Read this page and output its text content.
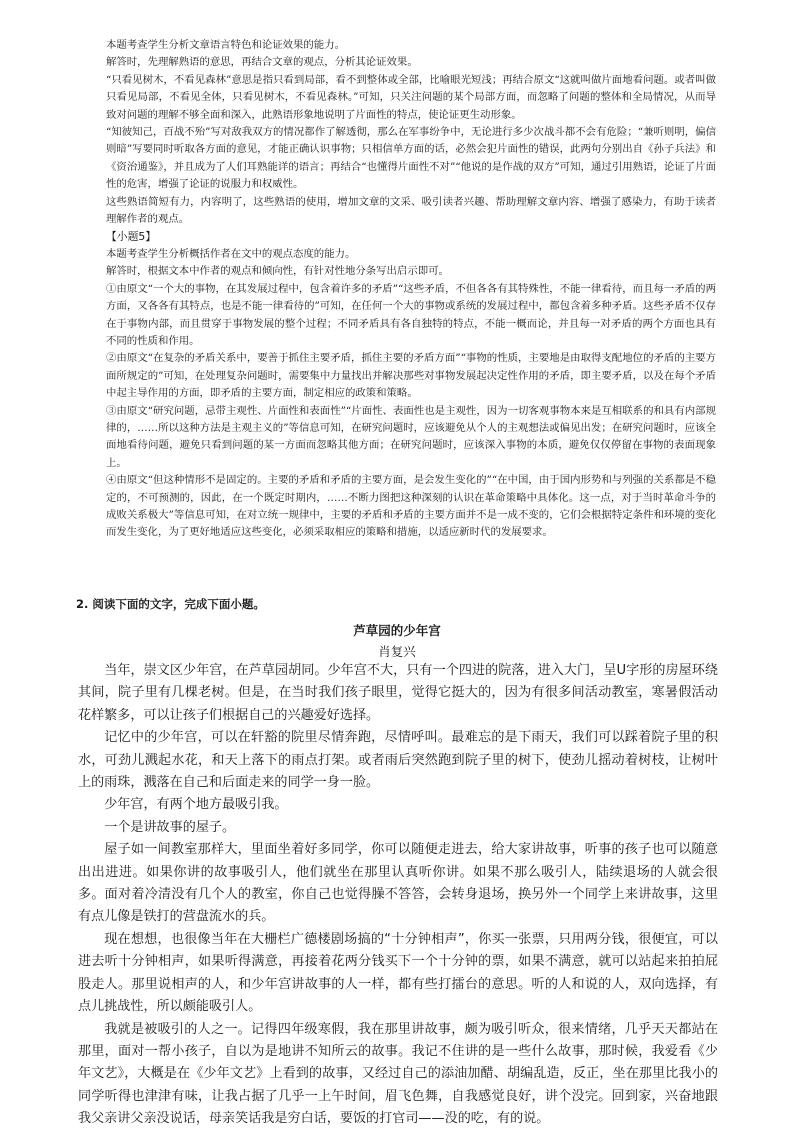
本题考查学生分析文章语言特色和论证效果的能力。

解答时，先理解熟语的意思，再结合文章的观点，分析其论证效果。

“只看见树木，不看见森林”意思是指只看到局部，看不到整体或全部，比喻眼光短浅；再结合原文“这就叫做片面地看问题。或者叫做只看见局部，不看见全体，只看见树木，不看见森林。”可知，只关注问题的某个局部方面，而忽略了问题的整体和全局情况，从而导致对问题的理解不够全面和深入，此熟语形象地说明了片面性的特点，使论证更生动形象。

“知彼知己，百战不殆”写对敌我双方的情况都作了解透彻，那么在军事纷争中，无论进行多少次战斗都不会有危险；“兼听则明，偏信则暗”写要同时听取各方面的意见，才能正确认识事物；只相信单方面的话，必然会犯片面性的错误，此两句分别出自《孙子兵法》和《资治通鉴》，并且成为了人们耳熟能详的语言；再结合“也懂得片面性不对”“他说的是作战的双方”可知，通过引用熟语，论证了片面性的危害，增强了论证的说服力和权威性。

这些熟语简短有力，内容明了，这些熟语的使用，增加文章的文采、吸引读者兴趣、帮助理解文章内容、增强了感染力，有助于读者理解作者的观点。

【小题5】

本题考查学生分析概括作者在文中的观点态度的能力。

解答时，根据文本中作者的观点和倾向性，有针对性地分条写出启示即可。

①由原文“一个大的事物，在其发展过程中，包含着许多的矛盾”“这些矛盾，不但各各有其特殊性，不能一律看待，而且每一矛盾的两方面，又各各有其特点，也是不能一律看待的”可知，在任何一个大的事物或系统的发展过程中，都包含着多种矛盾。这些矛盾不仅存在于事物内部，而且贯穿于事物发展的整个过程；不同矛盾具有各自独特的特点，不能一概而论，并且每一对矛盾的两个方面也具有不同的性质和作用。

②由原文“在复杂的矛盾关系中，要善于抓住主要矛盾，抓住主要的矛盾方面”“事物的性质，主要地是由取得支配地位的矛盾的主要方面所规定的”可知，在处理复杂问题时，需要集中力量找出并解决那些对事物发展起决定性作用的矛盾，即主要矛盾，以及在每个矛盾中起主导作用的方面，即矛盾的主要方面，制定相应的政策和策略。

③由原文“研究问题，忌带主观性、片面性和表面性”“片面性、表面性也是主观性，因为一切客观事物本来是互相联系的和具有内部规律的，……所以这种方法是主观主义的”等信息可知，在研究问题时，应该避免从个人的主观想法或偏见出发；在研究问题时，应该全面地看待问题，避免只看到问题的某一方面而忽略其他方面；在研究问题时，应该深入事物的本质，避免仅仅停留在事物的表面现象上。

④由原文“但这种情形不是固定的。主要的矛盾和矛盾的主要方面，是会发生变化的”“在中国，由于国内形势和与列强的关系都是不稳定的，不可预测的，因此，在一个既定时期内，……不断力图把这种深刻的认识在革命策略中具体化。这一点，对于当时革命斗争的成败关系极大”等信息可知，在对立统一规律中，主要的矛盾和矛盾的主要方面并不是一成不变的，它们会根据特定条件和环境的变化而发生变化，为了更好地适应这些变化，必须采取相应的策略和措施，以适应新时代的发展要求。

2. 阅读下面的文字，完成下面小题。
芦草园的少年宫
肖复兴

当年，崇文区少年宫，在芦草园胡同。少年宫不大，只有一个四进的院落，进入大门，呈U字形的房屋环绕其间，院子里有几棵老树。但是，在当时我们孩子眼里，觉得它挺大的，因为有很多间活动教室，寒暑假活动花样繁多，可以让孩子们根据自己的兴趣爱好选择。

记忆中的少年宫，可以在轩豁的院里尽情奔跑，尽情呼叫。最难忘的是下雨天，我们可以踩着院子里的积水，可劲儿溅起水花，和天上落下的雨点打架。或者雨后突然跑到院子里的树下，使劲儿摇动着树枝，让树叶上的雨珠，溅落在自己和后面走来的同学一身一脸。

少年宫，有两个地方最吸引我。

一个是讲故事的屋子。

屋子如一间教室那样大，里面坐着好多同学，你可以随便走进去，给大家讲故事，听事的孩子也可以随意出出进进。如果你讲的故事吸引人，他们就坐在那里认真听你讲。如果不那么吸引人，陆续退场的人就会很多。面对着冷清没有几个人的教室，你自己也觉得臊不答答，会转身退场，换另外一个同学上来讲故事，这里有点儿像是铁打的营盘流水的兵。

现在想想，也很像当年在大栅栏广德楼剧场搞的“十分钟相声”，你买一张票，只用两分钱，很便宜，可以进去听十分钟相声，如果听得满意，再接着花两分钱买下一个十分钟的票，如果不满意，就可以站起来拍拍屁股走人。那里说相声的人，和少年宫讲故事的人一样，都有些打擂台的意思。听的人和说的人，双向选择，有点儿挑战性，所以颇能吸引人。

我就是被吸引的人之一。记得四年级寒假，我在那里讲故事，颇为吸引听众，很来情绪，几乎天天都站在那里，面对一帮小孩子，自以为是地讲不知所云的故事。我记不住讲的是一些什么故事，那时候，我爱看《少年文艺》，大概是在《少年文艺》上看到的故事，又经过自己的添油加醋、胡编乱造，反正，坐在那里比我小的同学听得也津津有味，让我占据了几乎一上午时间，眉飞色舞，自我感觉良好，讲个没完。回到家，兴奋地跟我父亲讲父亲没说话，母亲笑话我是穷白话，要饭的打官司——没的吃，有的说。
